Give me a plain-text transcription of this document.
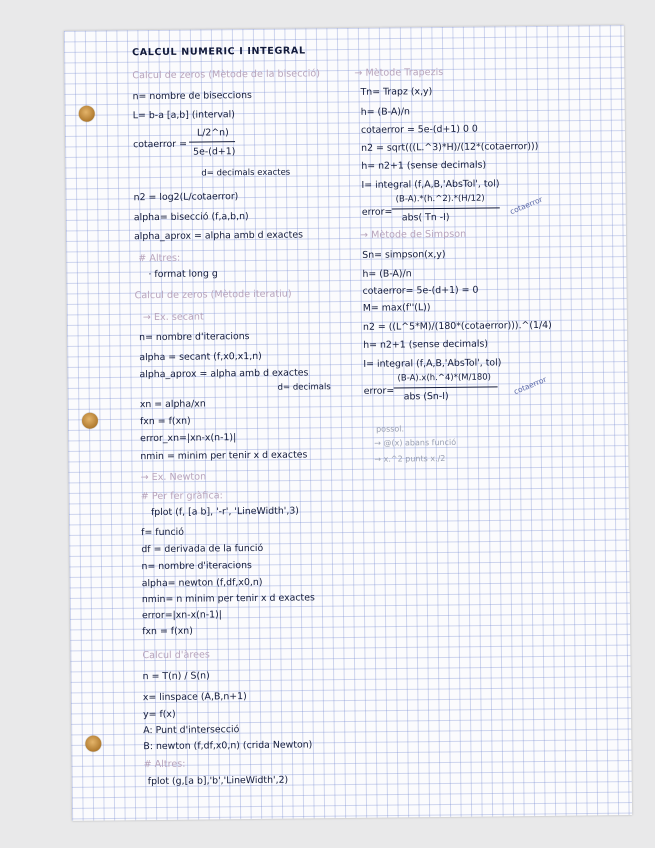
CALCUL NUMERIC I INTEGRAL
Calcul de zeros (Mètode de la bisecció)
n= nombre de biseccions
L= b-a [a,b] (interval)
cotaerror =
L/2^n)
5e-(d+1)
d= decimals exactes
n2 = log2(L/cotaerror)
alpha= bisecció (f,a,b,n)
alpha_aprox = alpha amb d exactes
# Altres:
· format long g
Calcul de zeros (Mètode iteratiu)
→ Ex. secant
n= nombre d'iteracions
alpha = secant (f,x0,x1,n)
alpha_aprox = alpha amb d exactes
d= decimals
xn = alpha/xn
fxn = f(xn)
error_xn=|xn-x(n-1)|
nmin = minim per tenir x d exactes
→ Ex. Newton
# Per fer gràfica:
fplot (f, [a b], '-r', 'LineWidth',3)
f= funció
df = derivada de la funció
n= nombre d'iteracions
alpha= newton (f,df,x0,n)
nmin= n minim per tenir x d exactes
error=|xn-x(n-1)|
fxn = f(xn)
Calcul d'àrees
n = T(n) / S(n)
x= linspace (A,B,n+1)
y= f(x)
A: Punt d'intersecció
B: newton (f,df,x0,n) (crida Newton)
# Altres:
fplot (g,[a b],'b','LineWidth',2)
→ Mètode Trapezis
Tn= Trapz (x,y)
h= (B-A)/n
cotaerror = 5e-(d+1) 0 0
n2 = sqrt(((L.^3)*H)/(12*(cotaerror)))
h= n2+1 (sense decimals)
I= integral (f,A,B,'AbsTol', tol)
error=
(B-A).*(h.^2).*(H/12)
abs( Tn -I)
cotaerror
→ Mètode de Simpson
Sn= simpson(x,y)
h= (B-A)/n
cotaerror= 5e-(d+1) = 0
M= max(f''(L))
n2 = ((L^5*M)/(180*(cotaerror))).^(1/4)
h= n2+1 (sense decimals)
I= integral (f,A,B,'AbsTol', tol)
error=
(B-A).x(h.^4)*(M/180)
abs (Sn-I)
cotaerror
possol.
→ @(x) abans funció
→ x.^2 punts x./2
